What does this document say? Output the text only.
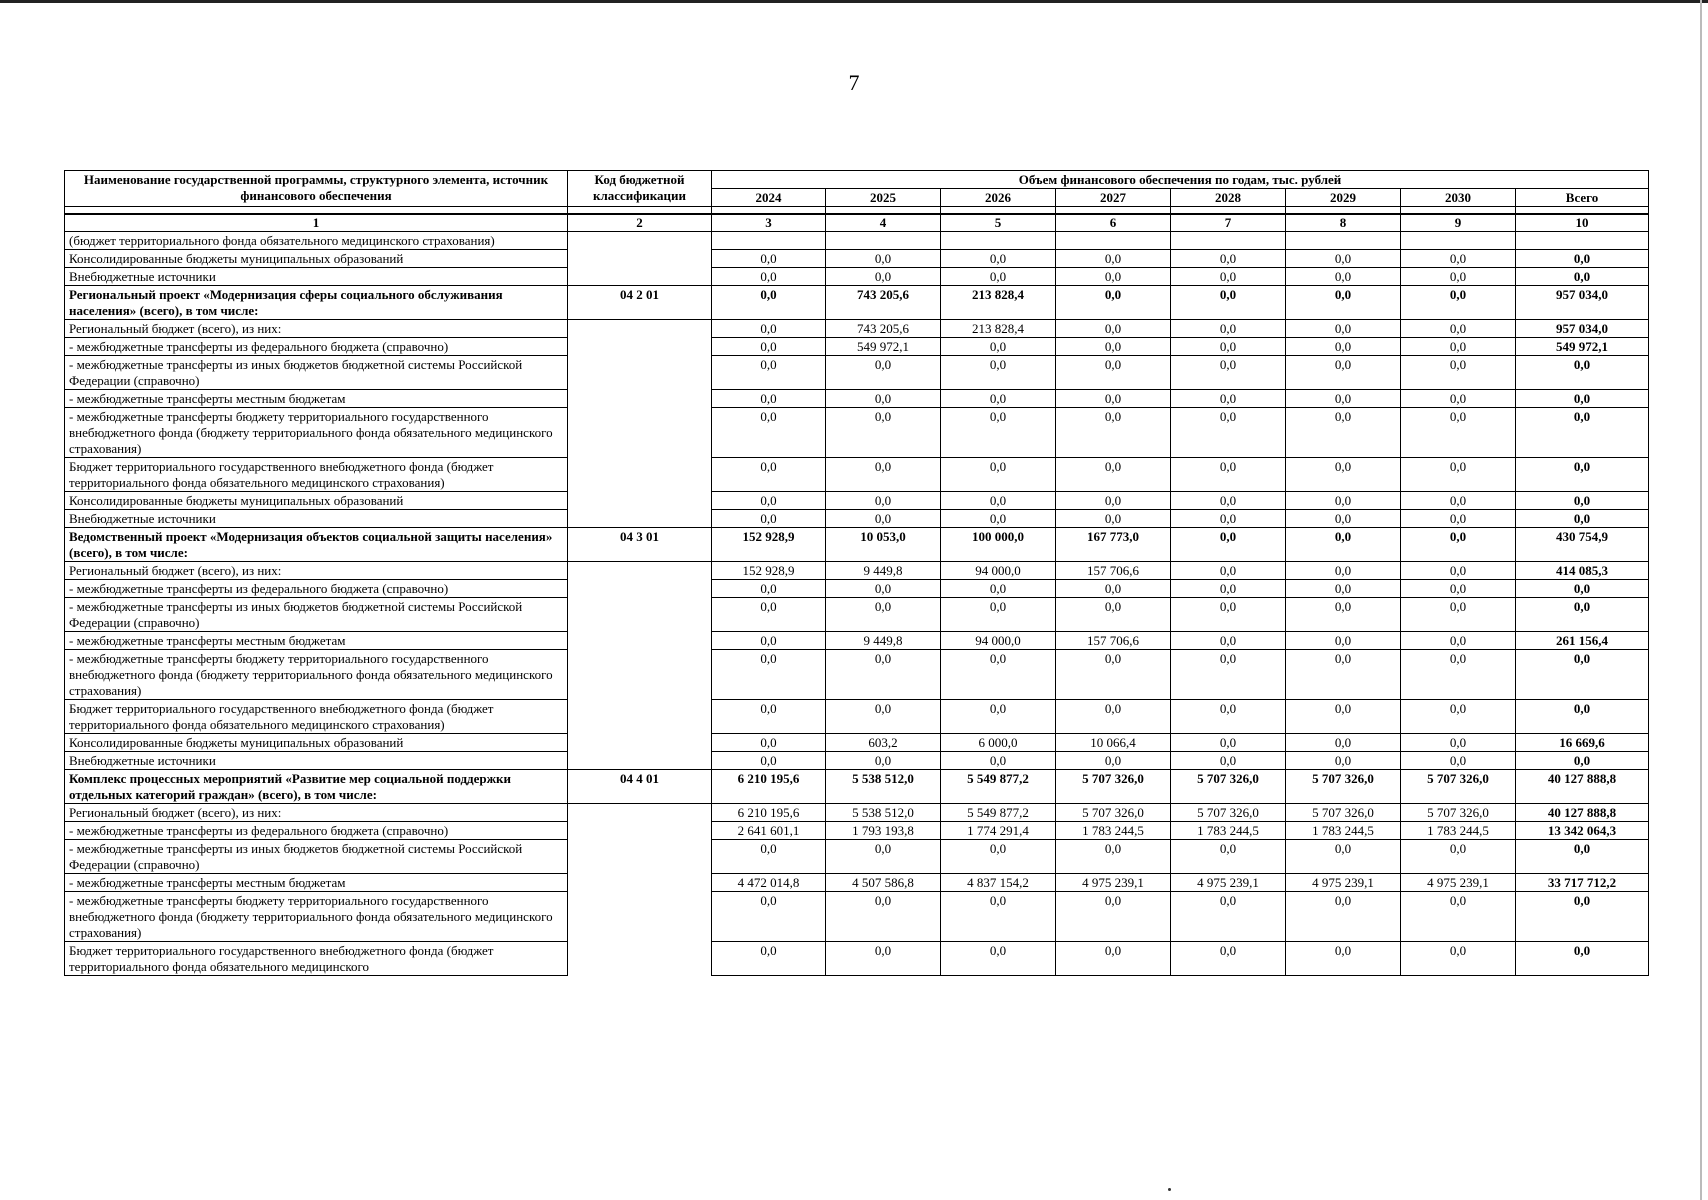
7
Наименование государственной программы, структурного элемента, источник финансового обеспечения	Код бюджетной классификации	Объем финансового обеспечения по годам, тыс. рублей							
		2024	2025	2026	2027	2028	2029	2030	Всего

1	2	3	4	5	6	7	8	9	10
(бюджет территориального фонда обязательного медицинского страхования)									
Консолидированные бюджеты муниципальных образований		0,0	0,0	0,0	0,0	0,0	0,0	0,0	0,0
Внебюджетные источники		0,0	0,0	0,0	0,0	0,0	0,0	0,0	0,0
Региональный проект «Модернизация сферы социального обслуживания населения» (всего), в том числе:	04 2 01	0,0	743 205,6	213 828,4	0,0	0,0	0,0	0,0	957 034,0
Региональный бюджет (всего), из них:		0,0	743 205,6	213 828,4	0,0	0,0	0,0	0,0	957 034,0
- межбюджетные трансферты из федерального бюджета (справочно)		0,0	549 972,1	0,0	0,0	0,0	0,0	0,0	549 972,1
- межбюджетные трансферты из иных бюджетов бюджетной системы Российской Федерации (справочно)		0,0	0,0	0,0	0,0	0,0	0,0	0,0	0,0
- межбюджетные трансферты местным бюджетам		0,0	0,0	0,0	0,0	0,0	0,0	0,0	0,0
- межбюджетные трансферты бюджету территориального государственного внебюджетного фонда (бюджету территориального фонда обязательного медицинского страхования)		0,0	0,0	0,0	0,0	0,0	0,0	0,0	0,0
Бюджет территориального государственного внебюджетного фонда (бюджет территориального фонда обязательного медицинского страхования)		0,0	0,0	0,0	0,0	0,0	0,0	0,0	0,0
Консолидированные бюджеты муниципальных образований		0,0	0,0	0,0	0,0	0,0	0,0	0,0	0,0
Внебюджетные источники		0,0	0,0	0,0	0,0	0,0	0,0	0,0	0,0
Ведомственный проект «Модернизация объектов социальной защиты населения» (всего), в том числе:	04 3 01	152 928,9	10 053,0	100 000,0	167 773,0	0,0	0,0	0,0	430 754,9
Региональный бюджет (всего), из них:		152 928,9	9 449,8	94 000,0	157 706,6	0,0	0,0	0,0	414 085,3
- межбюджетные трансферты из федерального бюджета (справочно)		0,0	0,0	0,0	0,0	0,0	0,0	0,0	0,0
- межбюджетные трансферты из иных бюджетов бюджетной системы Российской Федерации (справочно)		0,0	0,0	0,0	0,0	0,0	0,0	0,0	0,0
- межбюджетные трансферты местным бюджетам		0,0	9 449,8	94 000,0	157 706,6	0,0	0,0	0,0	261 156,4
- межбюджетные трансферты бюджету территориального государственного внебюджетного фонда (бюджету территориального фонда обязательного медицинского страхования)		0,0	0,0	0,0	0,0	0,0	0,0	0,0	0,0
Бюджет территориального государственного внебюджетного фонда (бюджет территориального фонда обязательного медицинского страхования)		0,0	0,0	0,0	0,0	0,0	0,0	0,0	0,0
Консолидированные бюджеты муниципальных образований		0,0	603,2	6 000,0	10 066,4	0,0	0,0	0,0	16 669,6
Внебюджетные источники		0,0	0,0	0,0	0,0	0,0	0,0	0,0	0,0
Комплекс процессных мероприятий «Развитие мер социальной поддержки отдельных категорий граждан» (всего), в том числе:	04 4 01	6 210 195,6	5 538 512,0	5 549 877,2	5 707 326,0	5 707 326,0	5 707 326,0	5 707 326,0	40 127 888,8
Региональный бюджет (всего), из них:		6 210 195,6	5 538 512,0	5 549 877,2	5 707 326,0	5 707 326,0	5 707 326,0	5 707 326,0	40 127 888,8
- межбюджетные трансферты из федерального бюджета (справочно)		2 641 601,1	1 793 193,8	1 774 291,4	1 783 244,5	1 783 244,5	1 783 244,5	1 783 244,5	13 342 064,3
- межбюджетные трансферты из иных бюджетов бюджетной системы Российской Федерации (справочно)		0,0	0,0	0,0	0,0	0,0	0,0	0,0	0,0
- межбюджетные трансферты местным бюджетам		4 472 014,8	4 507 586,8	4 837 154,2	4 975 239,1	4 975 239,1	4 975 239,1	4 975 239,1	33 717 712,2
- межбюджетные трансферты бюджету территориального государственного внебюджетного фонда (бюджету территориального фонда обязательного медицинского страхования)		0,0	0,0	0,0	0,0	0,0	0,0	0,0	0,0
Бюджет территориального государственного внебюджетного фонда (бюджет территориального фонда обязательного медицинского		0,0	0,0	0,0	0,0	0,0	0,0	0,0	0,0
